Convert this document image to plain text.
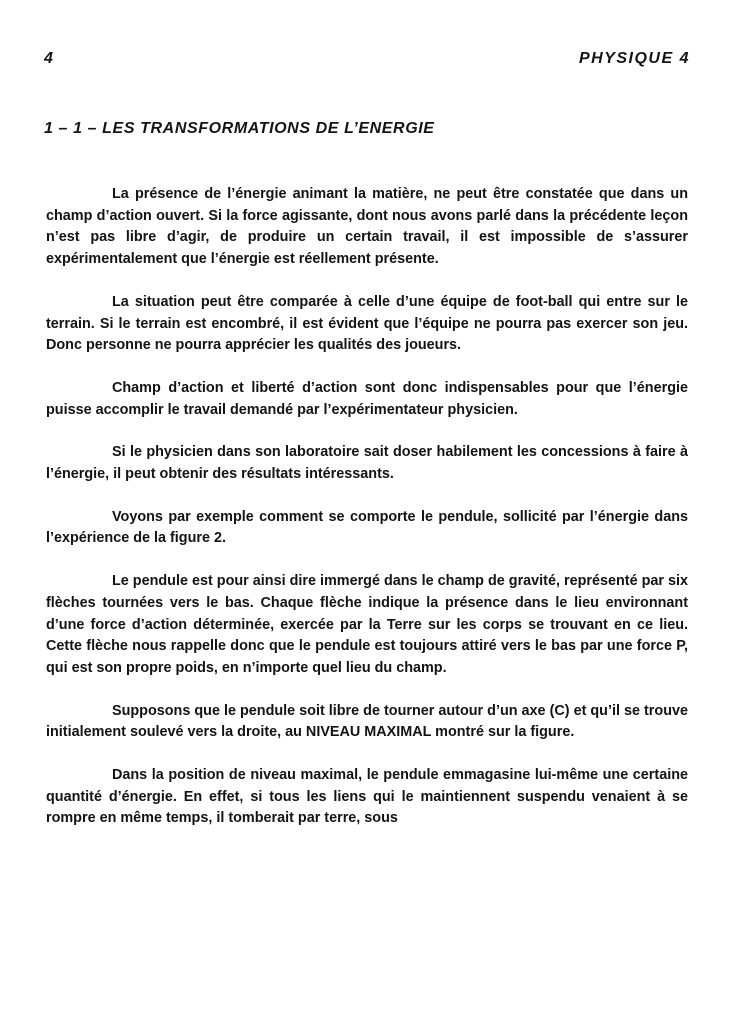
4	PHYSIQUE 4
1 – 1 – LES TRANSFORMATIONS DE L’ENERGIE

La présence de l’énergie animant la matière, ne peut être constatée que dans un champ d’action ouvert. Si la force agissante, dont nous avons parlé dans la précédente leçon n’est pas libre d’agir, de produire un certain travail, il est impossible de s’assurer expérimentalement que l’énergie est réellement présente.

La situation peut être comparée à celle d’une équipe de foot-ball qui entre sur le terrain. Si le terrain est encombré, il est évident que l’équipe ne pourra pas exercer son jeu. Donc personne ne pourra apprécier les qualités des joueurs.

Champ d’action et liberté d’action sont donc indispensables pour que l’énergie puisse accomplir le travail demandé par l’expérimentateur physicien.

Si le physicien dans son laboratoire sait doser habilement les concessions à faire à l’énergie, il peut obtenir des résultats intéressants.

Voyons par exemple comment se comporte le pendule, sollicité par l’énergie dans l’expérience de la figure 2.

Le pendule est pour ainsi dire immergé dans le champ de gravité, représenté par six flèches tournées vers le bas. Chaque flèche indique la présence dans le lieu environnant d’une force d’action déterminée, exercée par la Terre sur les corps se trouvant en ce lieu. Cette flèche nous rappelle donc que le pendule est toujours attiré vers le bas par une force P, qui est son propre poids, en n’importe quel lieu du champ.

Supposons que le pendule soit libre de tourner autour d’un axe (C) et qu’il se trouve initialement soulevé vers la droite, au NIVEAU MAXIMAL montré sur la figure.

Dans la position de niveau maximal, le pendule emmagasine lui-même une certaine quantité d’énergie. En effet, si tous les liens qui le maintiennent suspendu venaient à se rompre en même temps, il tomberait par terre, sous
